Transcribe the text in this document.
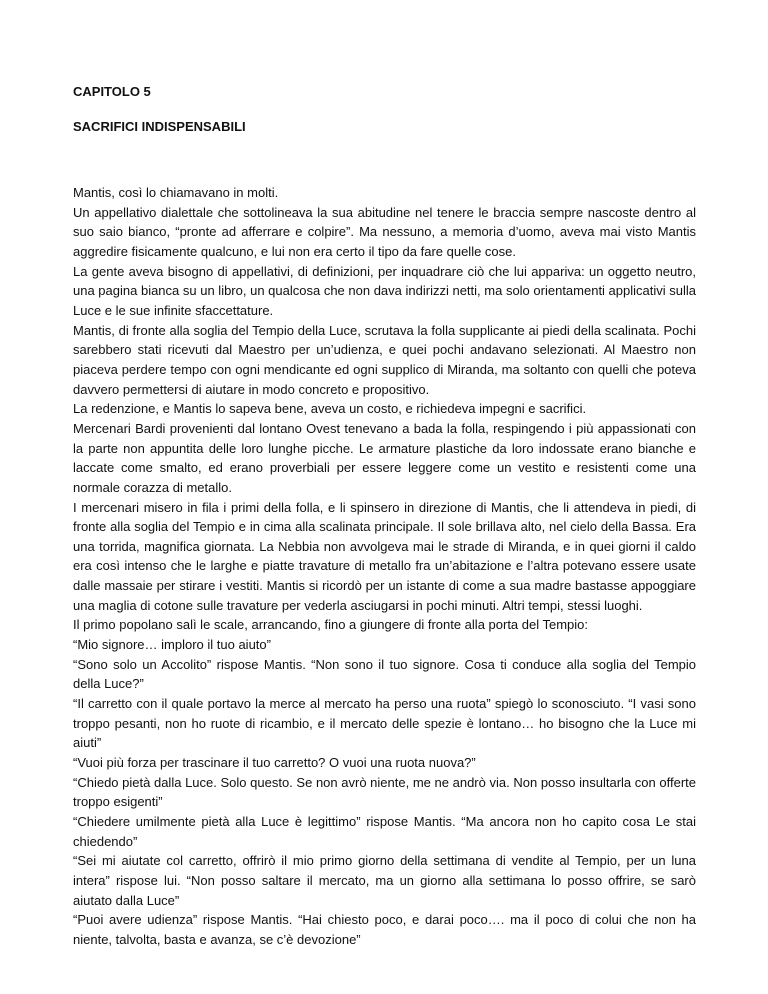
CAPITOLO 5
SACRIFICI INDISPENSABILI

Mantis, così lo chiamavano in molti.

Un appellativo dialettale che sottolineava la sua abitudine nel tenere le braccia sempre nascoste dentro al suo saio bianco, “pronte ad afferrare e colpire”. Ma nessuno, a memoria d’uomo, aveva mai visto Mantis aggredire fisicamente qualcuno, e lui non era certo il tipo da fare quelle cose.

La gente aveva bisogno di appellativi, di definizioni, per inquadrare ciò che lui appariva: un oggetto neutro, una pagina bianca su un libro, un qualcosa che non dava indirizzi netti, ma solo orientamenti applicativi sulla Luce e le sue infinite sfaccettature.

Mantis, di fronte alla soglia del Tempio della Luce, scrutava la folla supplicante ai piedi della scalinata. Pochi sarebbero stati ricevuti dal Maestro per un’udienza, e quei pochi andavano selezionati. Al Maestro non piaceva perdere tempo con ogni mendicante ed ogni supplico di Miranda, ma soltanto con quelli che poteva davvero permettersi di aiutare in modo concreto e propositivo.

La redenzione, e Mantis lo sapeva bene, aveva un costo, e richiedeva impegni e sacrifici.

Mercenari Bardi provenienti dal lontano Ovest tenevano a bada la folla, respingendo i più appassionati con la parte non appuntita delle loro lunghe picche. Le armature plastiche da loro indossate erano bianche e laccate come smalto, ed erano proverbiali per essere leggere come un vestito e resistenti come una normale corazza di metallo.

I mercenari misero in fila i primi della folla, e li spinsero in direzione di Mantis, che li attendeva in piedi, di fronte alla soglia del Tempio e in cima alla scalinata principale. Il sole brillava alto, nel cielo della Bassa. Era una torrida, magnifica giornata. La Nebbia non avvolgeva mai le strade di Miranda, e in quei giorni il caldo era così intenso che le larghe e piatte travature di metallo fra un’abitazione e l’altra potevano essere usate dalle massaie per stirare i vestiti. Mantis si ricordò per un istante di come a sua madre bastasse appoggiare una maglia di cotone sulle travature per vederla asciugarsi in pochi minuti. Altri tempi, stessi luoghi.

Il primo popolano salì le scale, arrancando, fino a giungere di fronte alla porta del Tempio:

“Mio signore… imploro il tuo aiuto”

“Sono solo un Accolito” rispose Mantis. “Non sono il tuo signore. Cosa ti conduce alla soglia del Tempio della Luce?”

“Il carretto con il quale portavo la merce al mercato ha perso una ruota” spiegò lo sconosciuto. “I vasi sono troppo pesanti, non ho ruote di ricambio, e il mercato delle spezie è lontano… ho bisogno che la Luce mi aiuti”

“Vuoi più forza per trascinare il tuo carretto? O vuoi una ruota nuova?”

“Chiedo pietà dalla Luce. Solo questo. Se non avrò niente, me ne andrò via. Non posso insultarla con offerte troppo esigenti”

“Chiedere umilmente pietà alla Luce è legittimo” rispose Mantis. “Ma ancora non ho capito cosa Le stai chiedendo”

“Sei mi aiutate col carretto, offrirò il mio primo giorno della settimana di vendite al Tempio, per un luna intera” rispose lui. “Non posso saltare il mercato, ma un giorno alla settimana lo posso offrire, se sarò aiutato dalla Luce”

“Puoi avere udienza” rispose Mantis. “Hai chiesto poco, e darai poco…. ma il poco di colui che non ha niente, talvolta, basta e avanza, se c’è devozione”
